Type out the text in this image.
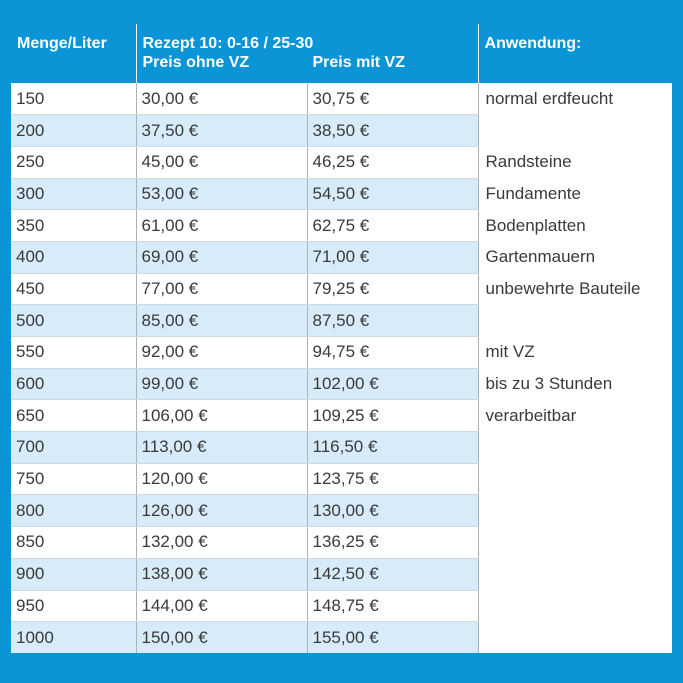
Menge/Liter	Rezept 10: 0-16 / 25-30
Preis ohne VZ Preis mit VZ		Anwendung:
150	30,00 €	30,75 €	normal erdfeucht
200	37,50 €	38,50 €	
250	45,00 €	46,25 €	Randsteine
300	53,00 €	54,50 €	Fundamente
350	61,00 €	62,75 €	Bodenplatten
400	69,00 €	71,00 €	Gartenmauern
450	77,00 €	79,25 €	unbewehrte Bauteile
500	85,00 €	87,50 €	
550	92,00 €	94,75 €	mit VZ
600	99,00 €	102,00 €	bis zu 3 Stunden
650	106,00 €	109,25 €	verarbeitbar
700	113,00 €	116,50 €	
750	120,00 €	123,75 €	
800	126,00 €	130,00 €	
850	132,00 €	136,25 €	
900	138,00 €	142,50 €	
950	144,00 €	148,75 €	
1000	150,00 €	155,00 €	
